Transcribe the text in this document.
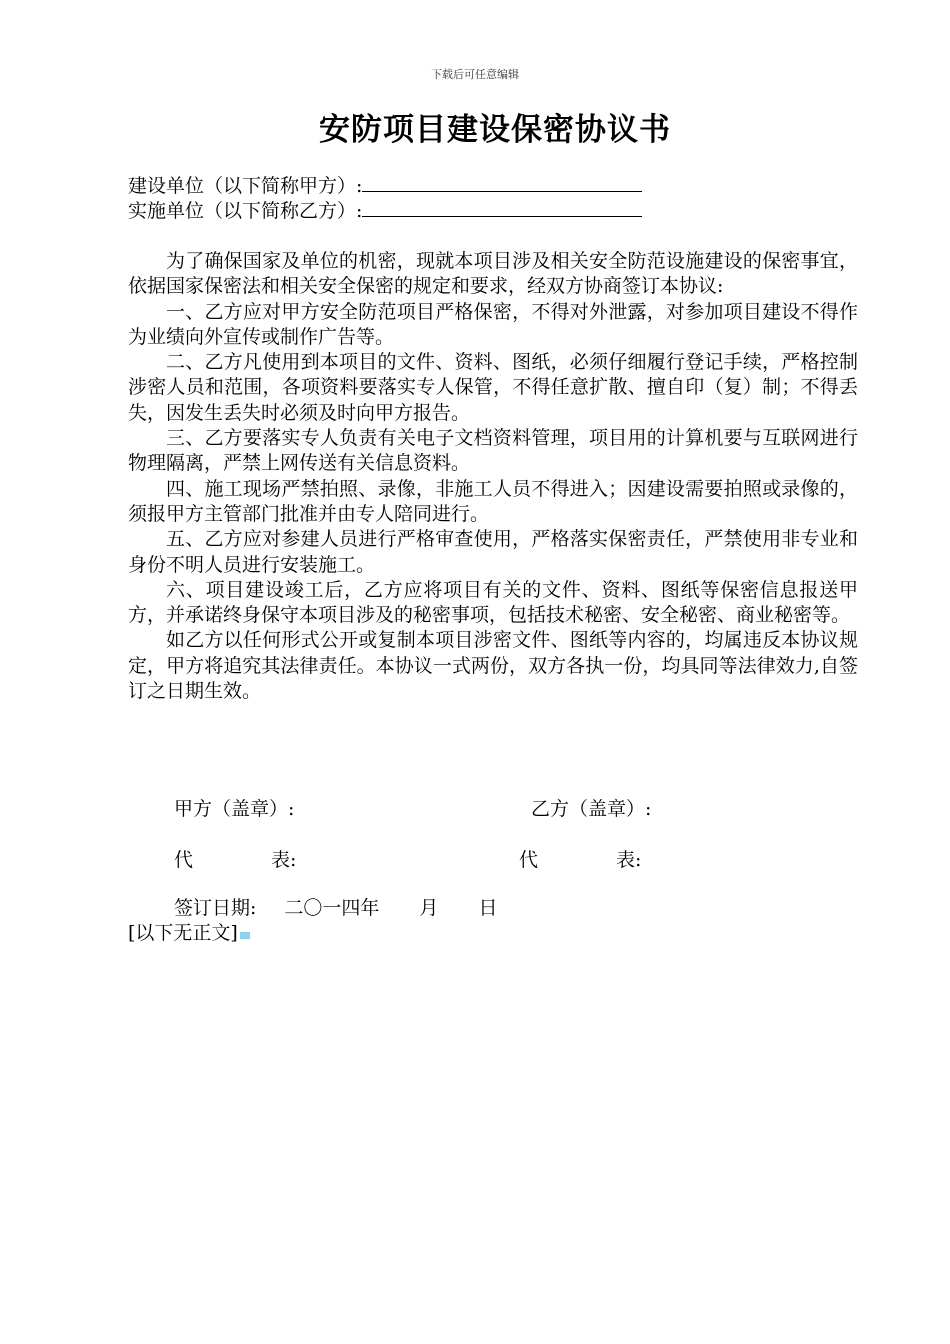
下载后可任意编辑
安防项目建设保密协议书
建设单位（以下简称甲方）:
实施单位（以下简称乙方）:

为了确保国家及单位的机密，现就本项目涉及相关安全防范设施建设的保密事宜，依据国家保密法和相关安全保密的规定和要求，经双方协商签订本协议:

一、乙方应对甲方安全防范项目严格保密，不得对外泄露，对参加项目建设不得作为业绩向外宣传或制作广告等。

二、乙方凡使用到本项目的文件、资料、图纸，必须仔细履行登记手续，严格控制涉密人员和范围，各项资料要落实专人保管，不得任意扩散、擅自印（复）制；不得丢失，因发生丢失时必须及时向甲方报告。

三、乙方要落实专人负责有关电子文档资料管理，项目用的计算机要与互联网进行物理隔离，严禁上网传送有关信息资料。

四、施工现场严禁拍照、录像，非施工人员不得进入；因建设需要拍照或录像的，须报甲方主管部门批准并由专人陪同进行。

五、乙方应对参建人员进行严格审查使用，严格落实保密责任，严禁使用非专业和身份不明人员进行安装施工。

六、项目建设竣工后，乙方应将项目有关的文件、资料、图纸等保密信息报送甲方，并承诺终身保守本项目涉及的秘密事项，包括技术秘密、安全秘密、商业秘密等。

如乙方以任何形式公开或复制本项目涉密文件、图纸等内容的，均属违反本协议规定，甲方将追究其法律责任。本协议一式两份，双方各执一份，均具同等法律效力,自签订之日期生效。

甲方（盖章）:	乙方（盖章）:
代	表:	代	表:
签订日期: 二〇一四年 月 日
[以下无正文]
